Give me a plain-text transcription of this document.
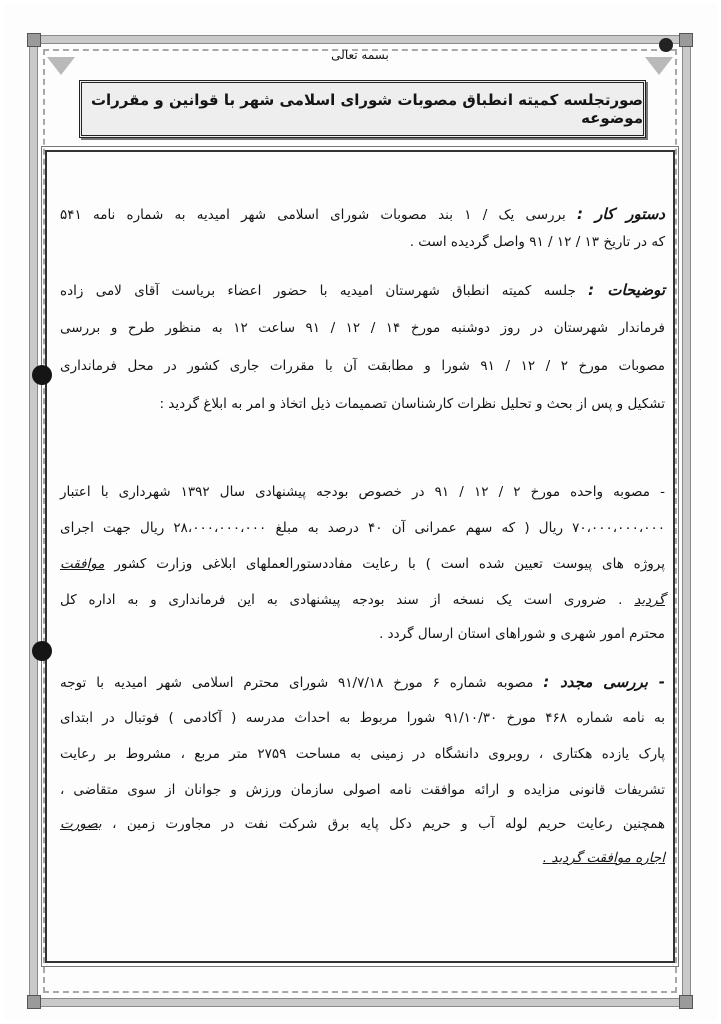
بسمه تعالی
صورتجلسه کمیته انطباق مصوبات شورای اسلامی شهر با قوانین و مقررات موضوعه
دستور کار : بررسی یک / ۱ بند مصوبات شورای اسلامی شهر امیدیه به شماره نامه ۵۴۱
که در تاریخ ۱۳ / ۱۲ / ۹۱ واصل گردیده است .
توضیحات : جلسه کمیته انطباق شهرستان امیدیه با حضور اعضاء بریاست آقای لامی زاده
فرماندار شهرستان در روز دوشنبه مورخ ۱۴ / ۱۲ / ۹۱ ساعت ۱۲ به منظور طرح و بررسی
مصوبات مورخ ۲ / ۱۲ / ۹۱ شورا و مطابقت آن با مقررات جاری کشور در محل فرمانداری
تشکیل و پس از بحث و تحلیل نظرات کارشناسان تصمیمات ذیل اتخاذ و امر به ابلاغ گردید :
- مصوبه واحده مورخ ۲ / ۱۲ / ۹۱ در خصوص بودجه پیشنهادی سال ۱۳۹۲ شهرداری با اعتبار
۷۰،۰۰۰،۰۰۰،۰۰۰ ریال ( که سهم عمرانی آن ۴۰ درصد به مبلغ ۲۸،۰۰۰،۰۰۰،۰۰۰ ریال جهت اجرای
پروژه های پیوست تعیین شده است ) با رعایت مفاددستورالعملهای ابلاغی وزارت کشور موافقت
گردید . ضروری است یک نسخه از سند بودجه پیشنهادی به این فرمانداری و به اداره کل
محترم امور شهری و شوراهای استان ارسال گردد .
- بررسی مجدد : مصوبه شماره ۶ مورخ ۹۱/۷/۱۸ شورای محترم اسلامی شهر امیدیه با توجه
به نامه شماره ۴۶۸ مورخ ۹۱/۱۰/۳۰ شورا مربوط به احداث مدرسه ( آکادمی ) فوتبال در ابتدای
پارک یازده هکتاری ، روبروی دانشگاه در زمینی به مساحت ۲۷۵۹ متر مربع ، مشروط بر رعایت
تشریفات قانونی مزایده و ارائه موافقت نامه اصولی سازمان ورزش و جوانان از سوی متقاضی ،
همچنین رعایت حریم لوله آب و حریم دکل پایه برق شرکت نفت در مجاورت زمین ، بصورت
اجاره موافقت گردید .
